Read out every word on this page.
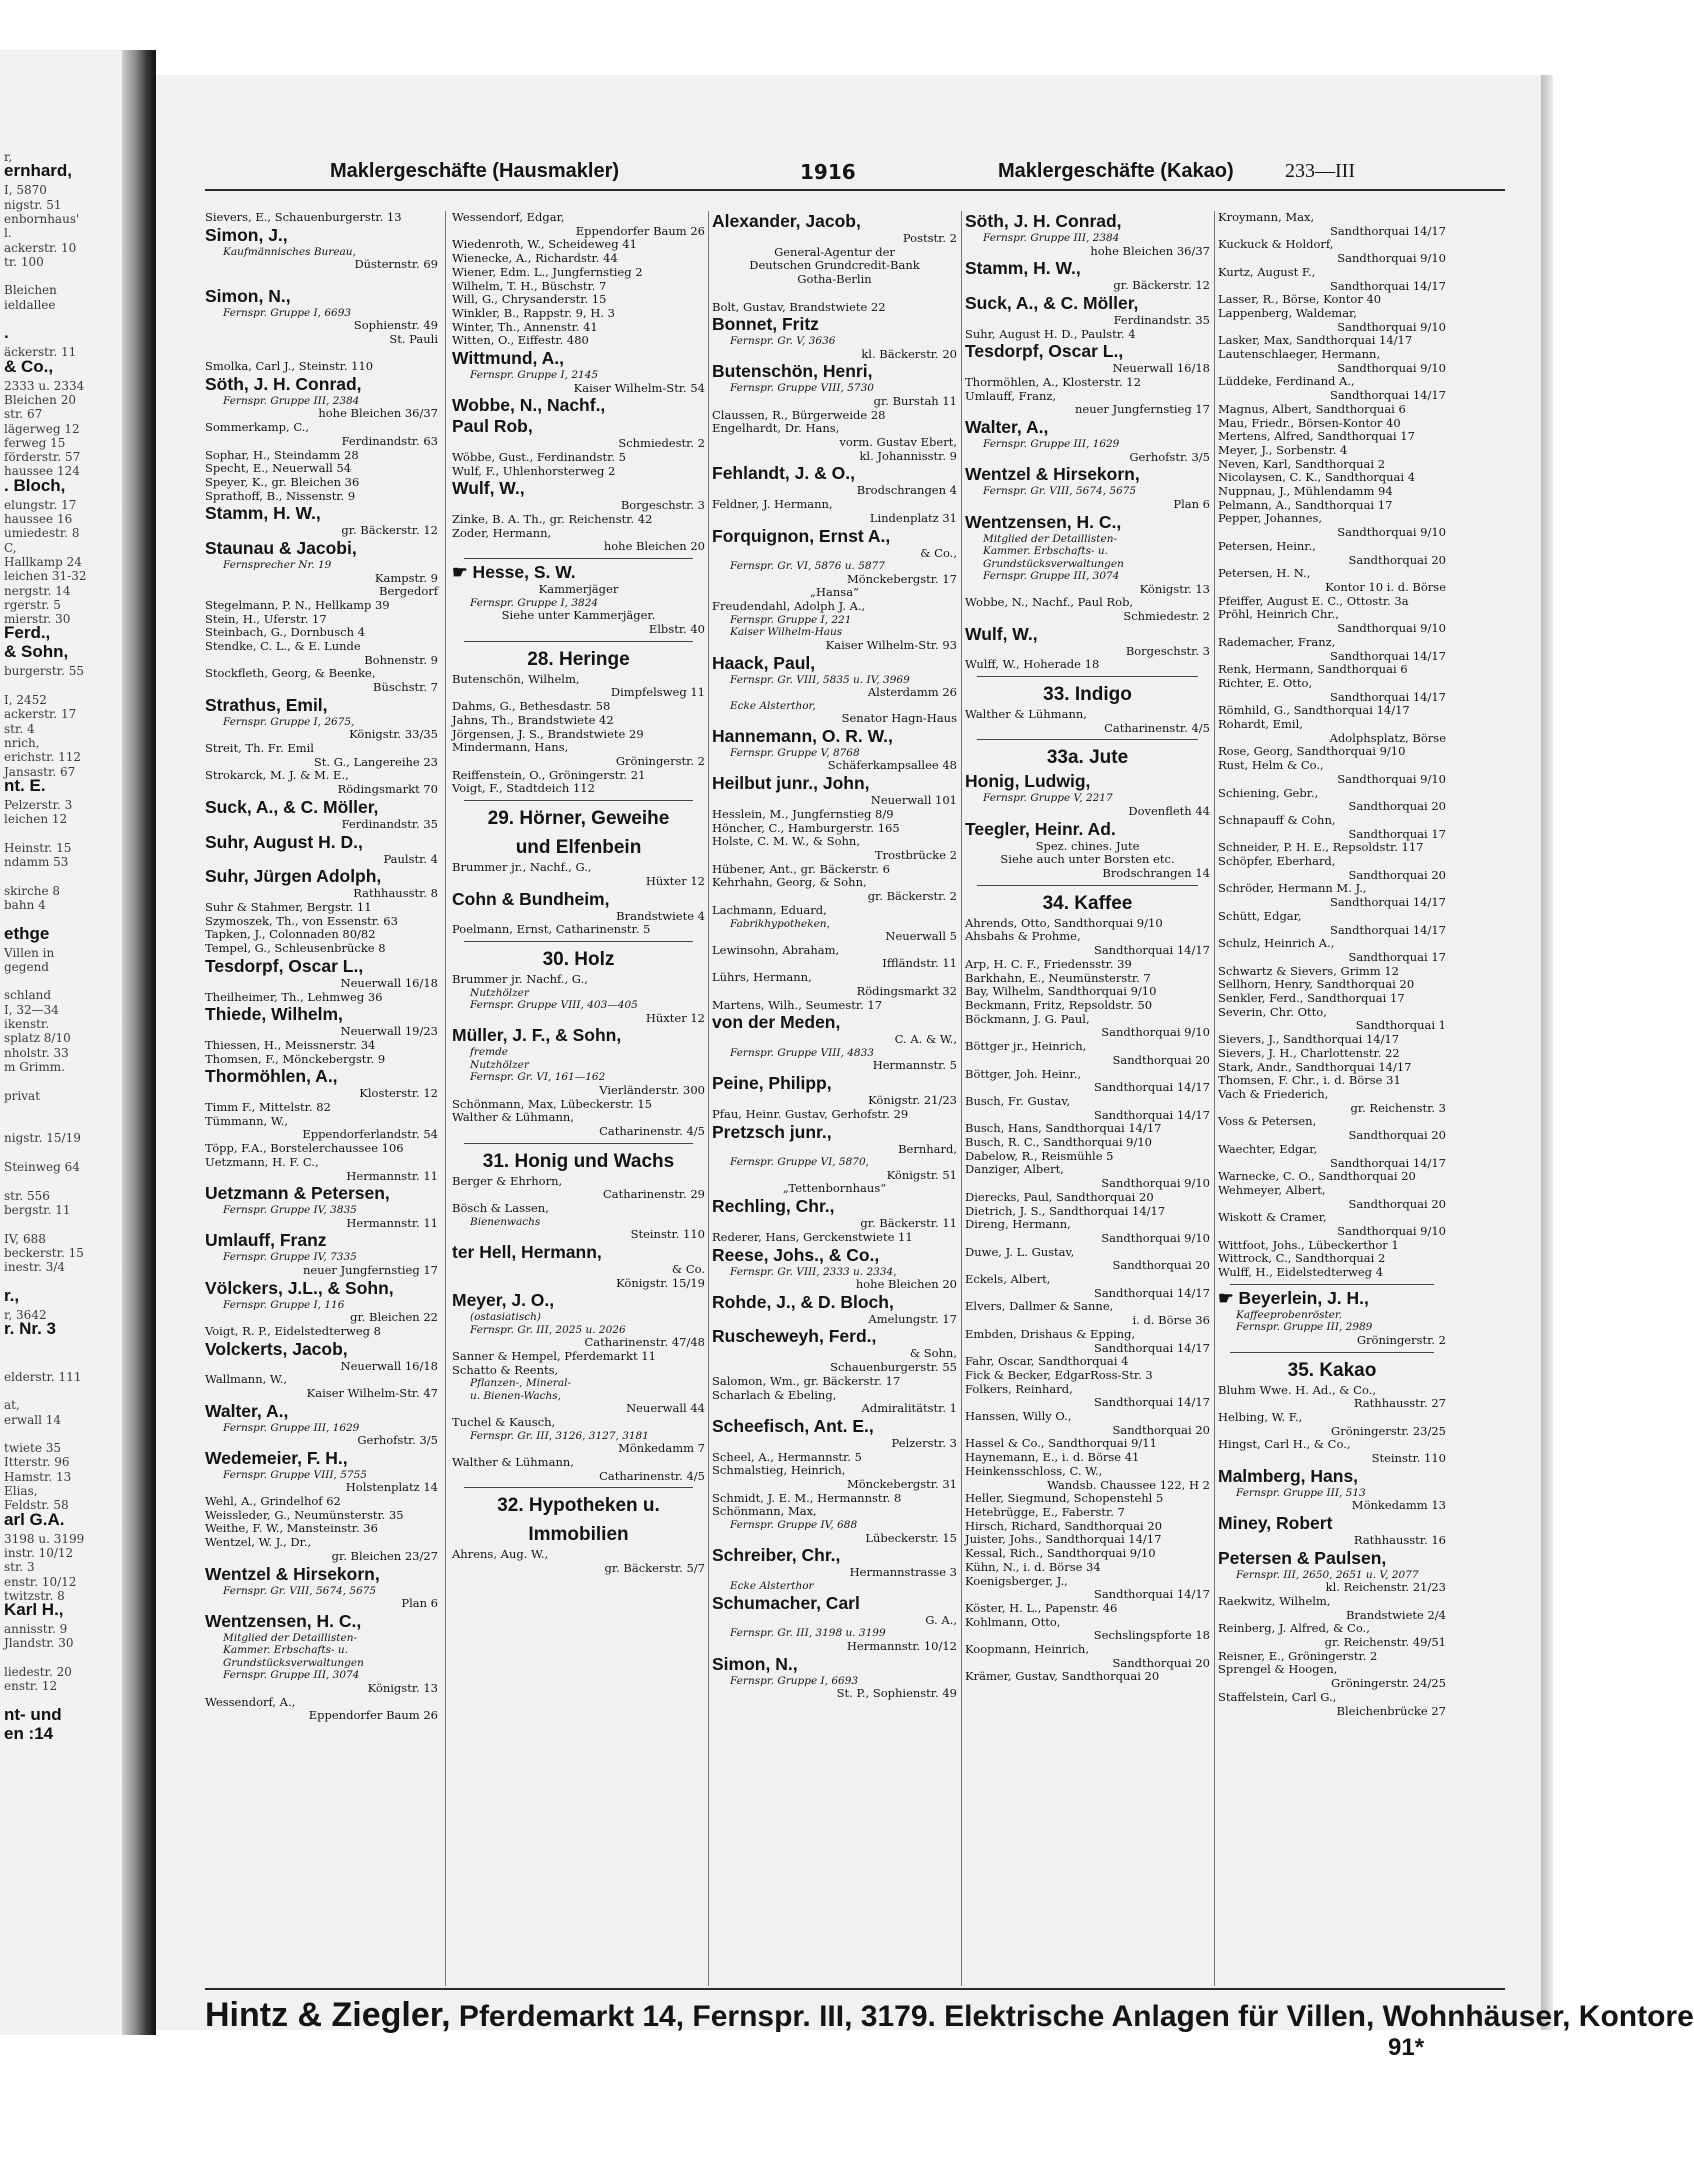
r,
ernhard,
I, 5870
nigstr. 51
enbornhaus'
l.
ackerstr. 10
tr. 100
Bleichen
ieldallee
.
äckerstr. 11
& Co.,
2333 u. 2334
Bleichen 20
str. 67
lägerweg 12
ferweg 15
förderstr. 57
haussee 124
. Bloch,
elungstr. 17
haussee 16
umiedestr. 8
C,
Hallkamp 24
leichen 31-32
nergstr. 14
rgerstr. 5
mierstr. 30
Ferd.,
& Sohn,
burgerstr. 55
I, 2452
ackerstr. 17
str. 4
nrich,
erichstr. 112
Jansastr. 67
nt. E.
Pelzerstr. 3
leichen 12
Heinstr. 15
ndamm 53
skirche 8
bahn 4
ethge
Villen in
gegend
schland
I, 32—34
ikenstr.
splatz 8/10
nholstr. 33
m Grimm.
privat
nigstr. 15/19
Steinweg 64
str. 556
bergstr. 11
IV, 688
beckerstr. 15
inestr. 3/4
r.,
r, 3642
r. Nr. 3
elderstr. 111
at,
erwall 14
twiete 35
Itterstr. 96
Hamstr. 13
Elias,
Feldstr. 58
arl G.A.
3198 u. 3199
instr. 10/12
str. 3
enstr. 10/12
twitzstr. 8
Karl H.,
annisstr. 9
Jlandstr. 30
liedestr. 20
enstr. 12
nt- und
en :14
Maklergeschäfte (Hausmakler)	1916	Maklergeschäfte (Kakao)	233—III
Sievers, E., Schauenburgerstr. 13
Simon, J.,
Kaufmännisches Bureau,
Düsternstr. 69

Simon, N.,
Fernspr. Gruppe I, 6693
Sophienstr. 49
St. Pauli

Smolka, Carl J., Steinstr. 110
Söth, J. H. Conrad,
Fernspr. Gruppe III, 2384
hohe Bleichen 36/37
Sommerkamp, C.,
Ferdinandstr. 63
Sophar, H., Steindamm 28
Specht, E., Neuerwall 54
Speyer, K., gr. Bleichen 36
Sprathoff, B., Nissenstr. 9
Stamm, H. W.,
gr. Bäckerstr. 12
Staunau & Jacobi,
Fernsprecher Nr. 19
Kampstr. 9
Bergedorf
Stegelmann, P. N., Hellkamp 39
Stein, H., Uferstr. 17
Steinbach, G., Dornbusch 4
Stendke, C. L., & E. Lunde
Bohnenstr. 9
Stockfleth, Georg, & Beenke,
Büschstr. 7
Strathus, Emil,
Fernspr. Gruppe I, 2675,
Königstr. 33/35
Streit, Th. Fr. Emil
St. G., Langereihe 23
Strokarck, M. J. & M. E.,
Rödingsmarkt 70
Suck, A., & C. Möller,
Ferdinandstr. 35
Suhr, August H. D.,
Paulstr. 4
Suhr, Jürgen Adolph,
Rathhausstr. 8
Suhr & Stahmer, Bergstr. 11
Szymoszek, Th., von Essenstr. 63
Tapken, J., Colonnaden 80/82
Tempel, G., Schleusenbrücke 8
Tesdorpf, Oscar L.,
Neuerwall 16/18
Theilheimer, Th., Lehmweg 36
Thiede, Wilhelm,
Neuerwall 19/23
Thiessen, H., Meissnerstr. 34
Thomsen, F., Mönckebergstr. 9
Thormöhlen, A.,
Klosterstr. 12
Timm F., Mittelstr. 82
Tümmann, W.,
Eppendorferlandstr. 54
Töpp, F.A., Borstelerchaussee 106
Uetzmann, H. F. C.,
Hermannstr. 11
Uetzmann & Petersen,
Fernspr. Gruppe IV, 3835
Hermannstr. 11
Umlauff, Franz
Fernspr. Gruppe IV, 7335
neuer Jungfernstieg 17
Völckers, J.L., & Sohn,
Fernspr. Gruppe I, 116
gr. Bleichen 22
Voigt, R. P., Eidelstedterweg 8
Volckerts, Jacob,
Neuerwall 16/18
Wallmann, W.,
Kaiser Wilhelm-Str. 47
Walter, A.,
Fernspr. Gruppe III, 1629
Gerhofstr. 3/5
Wedemeier, F. H.,
Fernspr. Gruppe VIII, 5755
Holstenplatz 14
Wehl, A., Grindelhof 62
Weissleder, G., Neumünsterstr. 35
Weithe, F. W., Mansteinstr. 36
Wentzel, W. J., Dr.,
gr. Bleichen 23/27
Wentzel & Hirsekorn,
Fernspr. Gr. VIII, 5674, 5675
Plan 6
Wentzensen, H. C.,
Mitglied der Detaillisten-
Kammer. Erbschafts- u.
Grundstücksverwaltungen
Fernspr. Gruppe III, 3074
Königstr. 13
Wessendorf, A.,
Eppendorfer Baum 26
Wessendorf, Edgar,
Eppendorfer Baum 26
Wiedenroth, W., Scheideweg 41
Wienecke, A., Richardstr. 44
Wiener, Edm. L., Jungfernstieg 2
Wilhelm, T. H., Büschstr. 7
Will, G., Chrysanderstr. 15
Winkler, B., Rappstr. 9, H. 3
Winter, Th., Annenstr. 41
Witten, O., Eiffestr. 480
Wittmund, A.,
Fernspr. Gruppe I, 2145
Kaiser Wilhelm-Str. 54
Wobbe, N., Nachf.,
Paul Rob,
Schmiedestr. 2
Wöbbe, Gust., Ferdinandstr. 5
Wulf, F., Uhlenhorsterweg 2
Wulf, W.,
Borgeschstr. 3
Zinke, B. A. Th., gr. Reichenstr. 42
Zoder, Hermann,
hohe Bleichen 20
☛ Hesse, S. W.
Kammerjäger
Fernspr. Gruppe I, 3824
Siehe unter Kammerjäger.
Elbstr. 40
28. Heringe
Butenschön, Wilhelm,
Dimpfelsweg 11
Dahms, G., Bethesdastr. 58
Jahns, Th., Brandstwiete 42
Jörgensen, J. S., Brandstwiete 29
Mindermann, Hans,
Gröningerstr. 2
Reiffenstein, O., Gröningerstr. 21
Voigt, F., Stadtdeich 112
29. Hörner, Geweihe
und Elfenbein
Brummer jr., Nachf., G.,
Hüxter 12
Cohn & Bundheim,
Brandstwiete 4
Poelmann, Ernst, Catharinenstr. 5
30. Holz
Brummer jr. Nachf., G.,
Nutzhölzer
Fernspr. Gruppe VIII, 403—405
Hüxter 12
Müller, J. F., & Sohn,
fremde
Nutzhölzer
Fernspr. Gr. VI, 161—162
Vierländerstr. 300
Schönmann, Max, Lübeckerstr. 15
Walther & Lühmann,
Catharinenstr. 4/5
31. Honig und Wachs
Berger & Ehrhorn,
Catharinenstr. 29
Bösch & Lassen,
Bienenwachs
Steinstr. 110
ter Hell, Hermann,
& Co.
Königstr. 15/19
Meyer, J. O.,
(ostasiatisch)
Fernspr. Gr. III, 2025 u. 2026
Catharinenstr. 47/48
Sanner & Hempel, Pferdemarkt 11
Schatto & Reents,
Pflanzen-, Mineral-
u. Bienen-Wachs,
Neuerwall 44
Tuchel & Kausch,
Fernspr. Gr. III, 3126, 3127, 3181
Mönkedamm 7
Walther & Lühmann,
Catharinenstr. 4/5
32. Hypotheken u.
Immobilien
Ahrens, Aug. W.,
gr. Bäckerstr. 5/7
Alexander, Jacob,
Poststr. 2
General-Agentur der
Deutschen Grundcredit-Bank
Gotha-Berlin

Bolt, Gustav, Brandstwiete 22
Bonnet, Fritz
Fernspr. Gr. V, 3636
kl. Bäckerstr. 20
Butenschön, Henri,
Fernspr. Gruppe VIII, 5730
gr. Burstah 11
Claussen, R., Bürgerweide 28
Engelhardt, Dr. Hans,
vorm. Gustav Ebert,
kl. Johannisstr. 9
Fehlandt, J. & O.,
Brodschrangen 4
Feldner, J. Hermann,
Lindenplatz 31
Forquignon, Ernst A.,
& Co.,
Fernspr. Gr. VI, 5876 u. 5877
Mönckebergstr. 17
„Hansa“
Freudendahl, Adolph J. A.,
Fernspr. Gruppe I, 221
Kaiser Wilhelm-Haus
Kaiser Wilhelm-Str. 93
Haack, Paul,
Fernspr. Gr. VIII, 5835 u. IV, 3969
Alsterdamm 26
Ecke Alsterthor,
Senator Hagn-Haus
Hannemann, O. R. W.,
Fernspr. Gruppe V, 8768
Schäferkampsallee 48
Heilbut junr., John,
Neuerwall 101
Hesslein, M., Jungfernstieg 8/9
Höncher, C., Hamburgerstr. 165
Holste, C. M. W., & Sohn,
Trostbrücke 2
Hübener, Ant., gr. Bäckerstr. 6
Kehrhahn, Georg, & Sohn,
gr. Bäckerstr. 2
Lachmann, Eduard,
Fabrikhypotheken,
Neuerwall 5
Lewinsohn, Abraham,
Iffländstr. 11
Lührs, Hermann,
Rödingsmarkt 32
Martens, Wilh., Seumestr. 17
von der Meden,
C. A. & W.,
Fernspr. Gruppe VIII, 4833
Hermannstr. 5
Peine, Philipp,
Königstr. 21/23
Pfau, Heinr. Gustav, Gerhofstr. 29
Pretzsch junr.,
Bernhard,
Fernspr. Gruppe VI, 5870,
Königstr. 51
„Tettenbornhaus“
Rechling, Chr.,
gr. Bäckerstr. 11
Rederer, Hans, Gerckenstwiete 11
Reese, Johs., & Co.,
Fernspr. Gr. VIII, 2333 u. 2334,
hohe Bleichen 20
Rohde, J., & D. Bloch,
Amelungstr. 17
Ruscheweyh, Ferd.,
& Sohn,
Schauenburgerstr. 55
Salomon, Wm., gr. Bäckerstr. 17
Scharlach & Ebeling,
Admiralitätstr. 1
Scheefisch, Ant. E.,
Pelzerstr. 3
Scheel, A., Hermannstr. 5
Schmalstieg, Heinrich,
Mönckebergstr. 31
Schmidt, J. E. M., Hermannstr. 8
Schönmann, Max,
Fernspr. Gruppe IV, 688
Lübeckerstr. 15
Schreiber, Chr.,
Hermannstrasse 3
Ecke Alsterthor
Schumacher, Carl
G. A.,
Fernspr. Gr. III, 3198 u. 3199
Hermannstr. 10/12
Simon, N.,
Fernspr. Gruppe I, 6693
St. P., Sophienstr. 49
Söth, J. H. Conrad,
Fernspr. Gruppe III, 2384
hohe Bleichen 36/37
Stamm, H. W.,
gr. Bäckerstr. 12
Suck, A., & C. Möller,
Ferdinandstr. 35
Suhr, August H. D., Paulstr. 4
Tesdorpf, Oscar L.,
Neuerwall 16/18
Thormöhlen, A., Klosterstr. 12
Umlauff, Franz,
neuer Jungfernstieg 17
Walter, A.,
Fernspr. Gruppe III, 1629
Gerhofstr. 3/5
Wentzel & Hirsekorn,
Fernspr. Gr. VIII, 5674, 5675
Plan 6
Wentzensen, H. C.,
Mitglied der Detaillisten-
Kammer. Erbschafts- u.
Grundstücksverwaltungen
Fernspr. Gruppe III, 3074
Königstr. 13
Wobbe, N., Nachf., Paul Rob,
Schmiedestr. 2
Wulf, W.,
Borgeschstr. 3
Wulff, W., Hoherade 18
33. Indigo
Walther & Lühmann,
Catharinenstr. 4/5
33a. Jute
Honig, Ludwig,
Fernspr. Gruppe V, 2217
Dovenfleth 44
Teegler, Heinr. Ad.
Spez. chines. Jute
Siehe auch unter Borsten etc.
Brodschrangen 14
34. Kaffee
Ahrends, Otto, Sandthorquai 9/10
Ahsbahs & Prohme,
Sandthorquai 14/17
Arp, H. C. F., Friedensstr. 39
Barkhahn, E., Neumünsterstr. 7
Bay, Wilhelm, Sandthorquai 9/10
Beckmann, Fritz, Repsoldstr. 50
Böckmann, J. G. Paul,
Sandthorquai 9/10
Böttger jr., Heinrich,
Sandthorquai 20
Böttger, Joh. Heinr.,
Sandthorquai 14/17
Busch, Fr. Gustav,
Sandthorquai 14/17
Busch, Hans, Sandthorquai 14/17
Busch, R. C., Sandthorquai 9/10
Dabelow, R., Reismühle 5
Danziger, Albert,
Sandthorquai 9/10
Dierecks, Paul, Sandthorquai 20
Dietrich, J. S., Sandthorquai 14/17
Direng, Hermann,
Sandthorquai 9/10
Duwe, J. L. Gustav,
Sandthorquai 20
Eckels, Albert,
Sandthorquai 14/17
Elvers, Dallmer & Sanne,
i. d. Börse 36
Embden, Drishaus & Epping,
Sandthorquai 14/17
Fahr, Oscar, Sandthorquai 4
Fick & Becker, EdgarRoss-Str. 3
Folkers, Reinhard,
Sandthorquai 14/17
Hanssen, Willy O.,
Sandthorquai 20
Hassel & Co., Sandthorquai 9/11
Haynemann, E., i. d. Börse 41
Heinkensschloss, C. W.,
Wandsb. Chaussee 122, H 2
Heller, Siegmund, Schopenstehl 5
Hetebrügge, E., Faberstr. 7
Hirsch, Richard, Sandthorquai 20
Juister, Johs., Sandthorquai 14/17
Kessal, Rich., Sandthorquai 9/10
Kühn, N., i. d. Börse 34
Koenigsberger, J.,
Sandthorquai 14/17
Köster, H. L., Papenstr. 46
Kohlmann, Otto,
Sechslingspforte 18
Koopmann, Heinrich,
Sandthorquai 20
Krämer, Gustav, Sandthorquai 20
Kroymann, Max,
Sandthorquai 14/17
Kuckuck & Holdorf,
Sandthorquai 9/10
Kurtz, August F.,
Sandthorquai 14/17
Lasser, R., Börse, Kontor 40
Lappenberg, Waldemar,
Sandthorquai 9/10
Lasker, Max, Sandthorquai 14/17
Lautenschlaeger, Hermann,
Sandthorquai 9/10
Lüddeke, Ferdinand A.,
Sandthorquai 14/17
Magnus, Albert, Sandthorquai 6
Mau, Friedr., Börsen-Kontor 40
Mertens, Alfred, Sandthorquai 17
Meyer, J., Sorbenstr. 4
Neven, Karl, Sandthorquai 2
Nicolaysen, C. K., Sandthorquai 4
Nuppnau, J., Mühlendamm 94
Pelmann, A., Sandthorquai 17
Pepper, Johannes,
Sandthorquai 9/10
Petersen, Heinr.,
Sandthorquai 20
Petersen, H. N.,
Kontor 10 i. d. Börse
Pfeiffer, August E. C., Ottostr. 3a
Pröhl, Heinrich Chr.,
Sandthorquai 9/10
Rademacher, Franz,
Sandthorquai 14/17
Renk, Hermann, Sandthorquai 6
Richter, E. Otto,
Sandthorquai 14/17
Römhild, G., Sandthorquai 14/17
Rohardt, Emil,
Adolphsplatz, Börse
Rose, Georg, Sandthorquai 9/10
Rust, Helm & Co.,
Sandthorquai 9/10
Schiening, Gebr.,
Sandthorquai 20
Schnapauff & Cohn,
Sandthorquai 17
Schneider, P. H. E., Repsoldstr. 117
Schöpfer, Eberhard,
Sandthorquai 20
Schröder, Hermann M. J.,
Sandthorquai 14/17
Schütt, Edgar,
Sandthorquai 14/17
Schulz, Heinrich A.,
Sandthorquai 17
Schwartz & Sievers, Grimm 12
Sellhorn, Henry, Sandthorquai 20
Senkler, Ferd., Sandthorquai 17
Severin, Chr. Otto,
Sandthorquai 1
Sievers, J., Sandthorquai 14/17
Sievers, J. H., Charlottenstr. 22
Stark, Andr., Sandthorquai 14/17
Thomsen, F. Chr., i. d. Börse 31
Vach & Friederich,
gr. Reichenstr. 3
Voss & Petersen,
Sandthorquai 20
Waechter, Edgar,
Sandthorquai 14/17
Warnecke, C. O., Sandthorquai 20
Wehmeyer, Albert,
Sandthorquai 20
Wiskott & Cramer,
Sandthorquai 9/10
Wittfoot, Johs., Lübeckerthor 1
Wittrock, C., Sandthorquai 2
Wulff, H., Eidelstedterweg 4
☛ Beyerlein, J. H.,
Kaffeeprobenröster.
Fernspr. Gruppe III, 2989
Gröningerstr. 2
35. Kakao
Bluhm Wwe. H. Ad., & Co.,
Rathhausstr. 27
Helbing, W. F.,
Gröningerstr. 23/25
Hingst, Carl H., & Co.,
Steinstr. 110
Malmberg, Hans,
Fernspr. Gruppe III, 513
Mönkedamm 13
Miney, Robert
Rathhausstr. 16
Petersen & Paulsen,
Fernspr. III, 2650, 2651 u. V, 2077
kl. Reichenstr. 21/23
Raekwitz, Wilhelm,
Brandstwiete 2/4
Reinberg, J. Alfred, & Co.,
gr. Reichenstr. 49/51
Reisner, E., Gröningerstr. 2
Sprengel & Hoogen,
Gröningerstr. 24/25
Staffelstein, Carl G.,
Bleichenbrücke 27
Hintz & Ziegler, Pferdemarkt 14, Fernspr. III, 3179. Elektrische Anlagen für Villen, Wohnhäuser, Kontore
91*
